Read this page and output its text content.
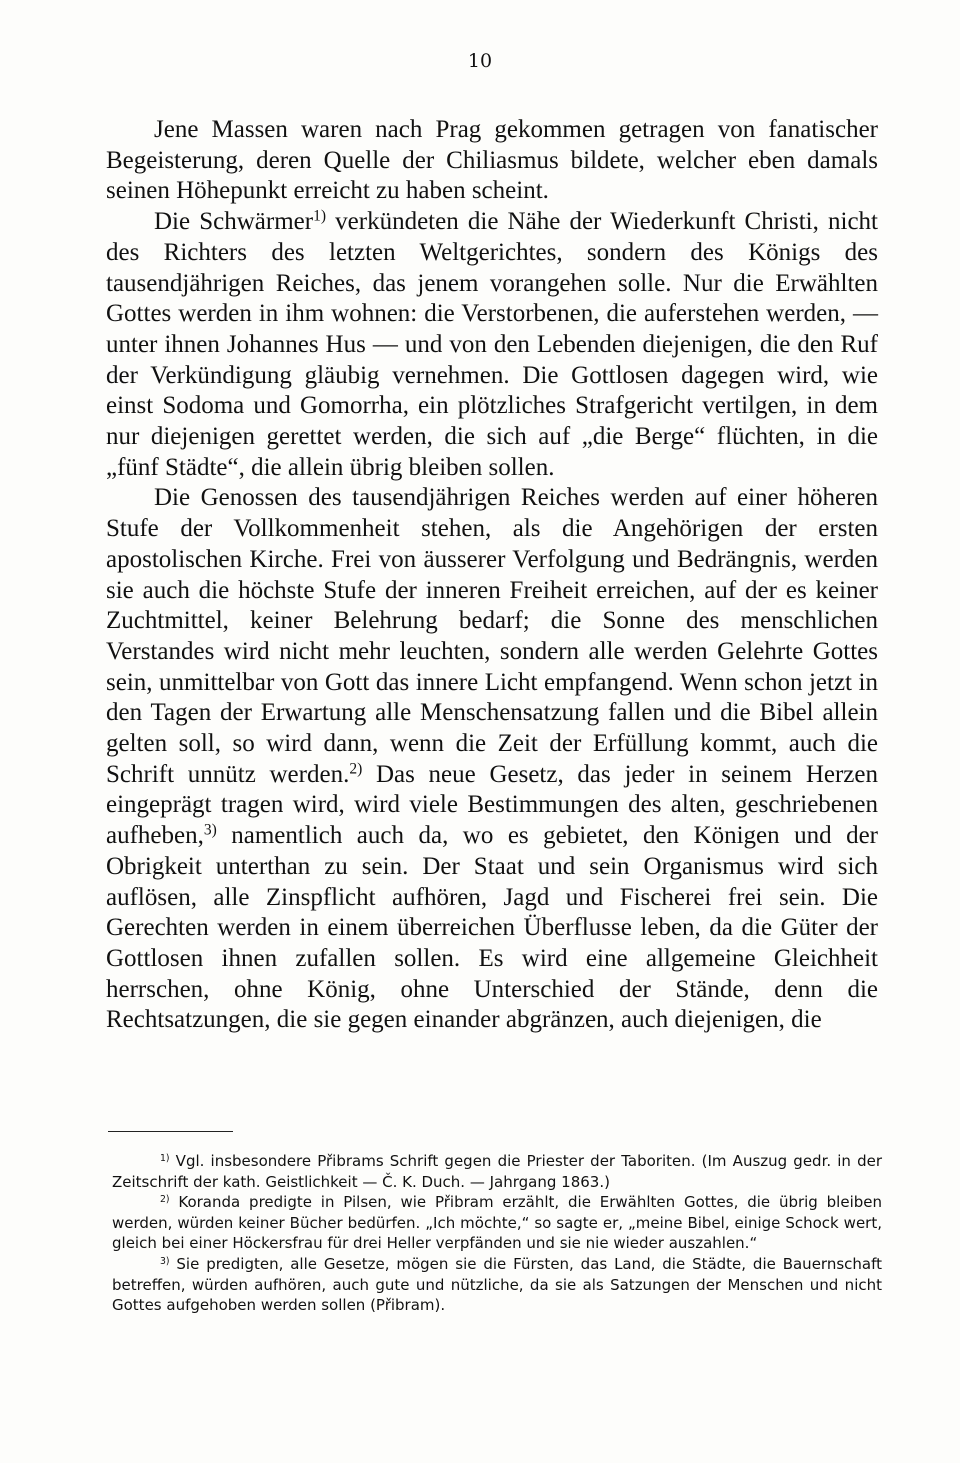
10

Jene Massen waren nach Prag gekommen getragen von fanatischer Begeisterung, deren Quelle der Chiliasmus bildete, welcher eben damals seinen Höhepunkt erreicht zu haben scheint.

Die Schwärmer$^{1)}$ verkündeten die Nähe der Wiederkunft Christi, nicht des Richters des letzten Weltgerichtes, sondern des Königs des tausendjährigen Reiches, das jenem vorangehen solle. Nur die Erwählten Gottes werden in ihm wohnen: die Verstorbenen, die auferstehen werden, — unter ihnen Johannes Hus — und von den Lebenden diejenigen, die den Ruf der Verkündigung gläubig vernehmen. Die Gottlosen dagegen wird, wie einst Sodoma und Gomorrha, ein plötzliches Strafgericht vertilgen, in dem nur diejenigen gerettet werden, die sich auf „die Berge“ flüchten, in die „fünf Städte“, die allein übrig bleiben sollen.

Die Genossen des tausendjährigen Reiches werden auf einer höheren Stufe der Vollkommenheit stehen, als die Angehörigen der ersten apostolischen Kirche. Frei von äusserer Verfolgung und Bedrängnis, werden sie auch die höchste Stufe der inneren Freiheit erreichen, auf der es keiner Zuchtmittel, keiner Belehrung bedarf; die Sonne des menschlichen Verstandes wird nicht mehr leuchten, sondern alle werden Gelehrte Gottes sein, unmittelbar von Gott das innere Licht empfangend. Wenn schon jetzt in den Tagen der Erwartung alle Menschensatzung fallen und die Bibel allein gelten soll, so wird dann, wenn die Zeit der Erfüllung kommt, auch die Schrift unnütz werden.$^{2)}$ Das neue Gesetz, das jeder in seinem Herzen eingeprägt tragen wird, wird viele Bestimmungen des alten, geschriebenen aufheben,$^{3)}$ namentlich auch da, wo es gebietet, den Königen und der Obrigkeit unterthan zu sein. Der Staat und sein Organismus wird sich auflösen, alle Zinspflicht aufhören, Jagd und Fischerei frei sein. Die Gerechten werden in einem überreichen Überflusse leben, da die Güter der Gottlosen ihnen zufallen sollen. Es wird eine allgemeine Gleichheit herrschen, ohne König, ohne Unterschied der Stände, denn die Rechtsatzungen, die sie gegen einander abgränzen, auch diejenigen, die

$^{1)}$ Vgl. insbesondere Přibrams Schrift gegen die Priester der Taboriten. (Im Auszug gedr. in der Zeitschrift der kath. Geistlichkeit — Č. K. Duch. — Jahrgang 1863.)

$^{2)}$ Koranda predigte in Pilsen, wie Přibram erzählt, die Erwählten Gottes, die übrig bleiben werden, würden keiner Bücher bedürfen. „Ich möchte,“ so sagte er, „meine Bibel, einige Schock wert, gleich bei einer Höckersfrau für drei Heller verpfänden und sie nie wieder auszahlen.“

$^{3)}$ Sie predigten, alle Gesetze, mögen sie die Fürsten, das Land, die Städte, die Bauernschaft betreffen, würden aufhören, auch gute und nützliche, da sie als Satzungen der Menschen und nicht Gottes aufgehoben werden sollen (Přibram).
